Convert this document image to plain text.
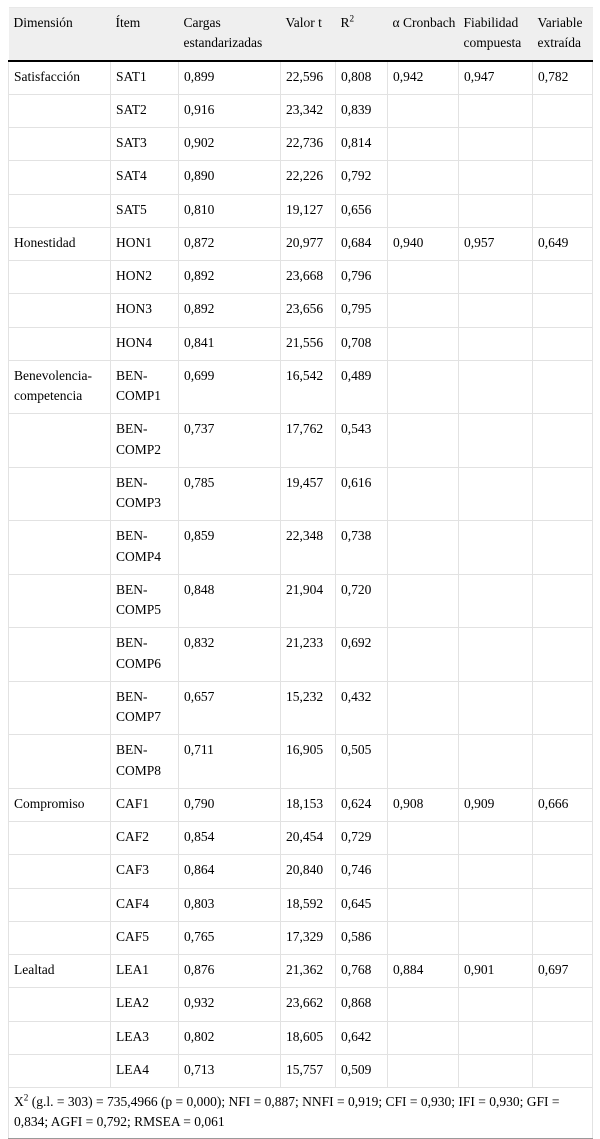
Dimensión	Ítem	Cargas estandarizadas	Valor t	$R^2$	α Cronbach	Fiabilidad compuesta	Variable extraída
Satisfacción	SAT1	0,899	22,596	0,808	0,942	0,947	0,782
	SAT2	0,916	23,342	0,839			
	SAT3	0,902	22,736	0,814			
	SAT4	0,890	22,226	0,792			
	SAT5	0,810	19,127	0,656			
Honestidad	HON1	0,872	20,977	0,684	0,940	0,957	0,649
	HON2	0,892	23,668	0,796			
	HON3	0,892	23,656	0,795			
	HON4	0,841	21,556	0,708			
Benevolencia-competencia	BEN-COMP1	0,699	16,542	0,489			
	BEN-COMP2	0,737	17,762	0,543			
	BEN-COMP3	0,785	19,457	0,616			
	BEN-COMP4	0,859	22,348	0,738			
	BEN-COMP5	0,848	21,904	0,720			
	BEN-COMP6	0,832	21,233	0,692			
	BEN-COMP7	0,657	15,232	0,432			
	BEN-COMP8	0,711	16,905	0,505			
Compromiso	CAF1	0,790	18,153	0,624	0,908	0,909	0,666
	CAF2	0,854	20,454	0,729			
	CAF3	0,864	20,840	0,746			
	CAF4	0,803	18,592	0,645			
	CAF5	0,765	17,329	0,586			
Lealtad	LEA1	0,876	21,362	0,768	0,884	0,901	0,697
	LEA2	0,932	23,662	0,868			
	LEA3	0,802	18,605	0,642			
	LEA4	0,713	15,757	0,509			
$X^2$ (g.l. = 303) = 735,4966 (p = 0,000); NFI = 0,887; NNFI = 0,919; CFI = 0,930; IFI = 0,930; GFI = 0,834; AGFI = 0,792; RMSEA = 0,061							
